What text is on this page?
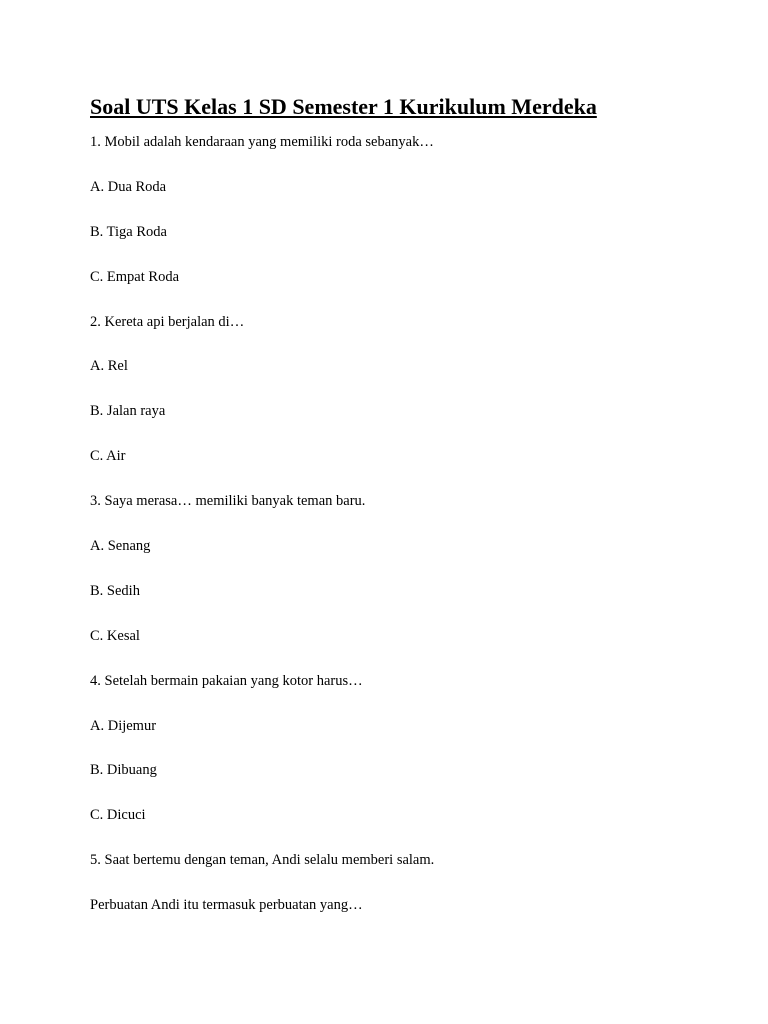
Soal UTS Kelas 1 SD Semester 1 Kurikulum Merdeka
1. Mobil adalah kendaraan yang memiliki roda sebanyak…
A. Dua Roda
B. Tiga Roda
C. Empat Roda
2. Kereta api berjalan di…
A. Rel
B. Jalan raya
C. Air
3. Saya merasa… memiliki banyak teman baru.
A. Senang
B. Sedih
C. Kesal
4. Setelah bermain pakaian yang kotor harus…
A. Dijemur
B. Dibuang
C. Dicuci
5. Saat bertemu dengan teman, Andi selalu memberi salam.
Perbuatan Andi itu termasuk perbuatan yang…
